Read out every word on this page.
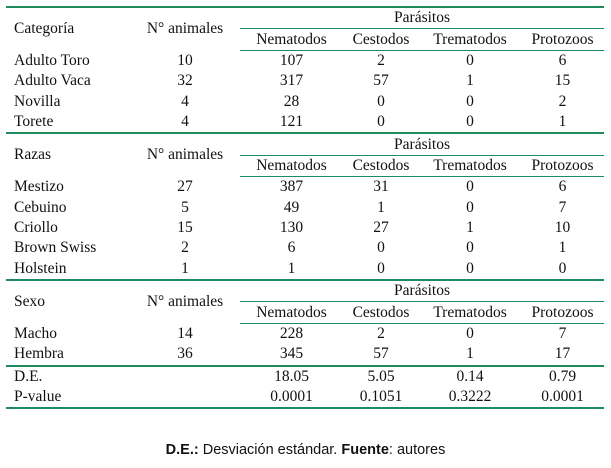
Categoría	N° animales	Parásitos			
		Nematodos	Cestodos	Trematodos	Protozoos
Adulto Toro	10	107	2	0	6
Adulto Vaca	32	317	57	1	15
Novilla	4	28	0	0	2
Torete	4	121	0	0	1
Razas	N° animales	Parásitos			
		Nematodos	Cestodos	Trematodos	Protozoos
Mestizo	27	387	31	0	6
Cebuino	5	49	1	0	7
Criollo	15	130	27	1	10
Brown Swiss	2	6	0	0	1
Holstein	1	1	0	0	0
Sexo	N° animales	Parásitos			
		Nematodos	Cestodos	Trematodos	Protozoos
Macho	14	228	2	0	7
Hembra	36	345	57	1	17
D.E.		18.05	5.05	0.14	0.79
P-value		0.0001	0.1051	0.3222	0.0001
D.E.: Desviación estándar. Fuente: autores
